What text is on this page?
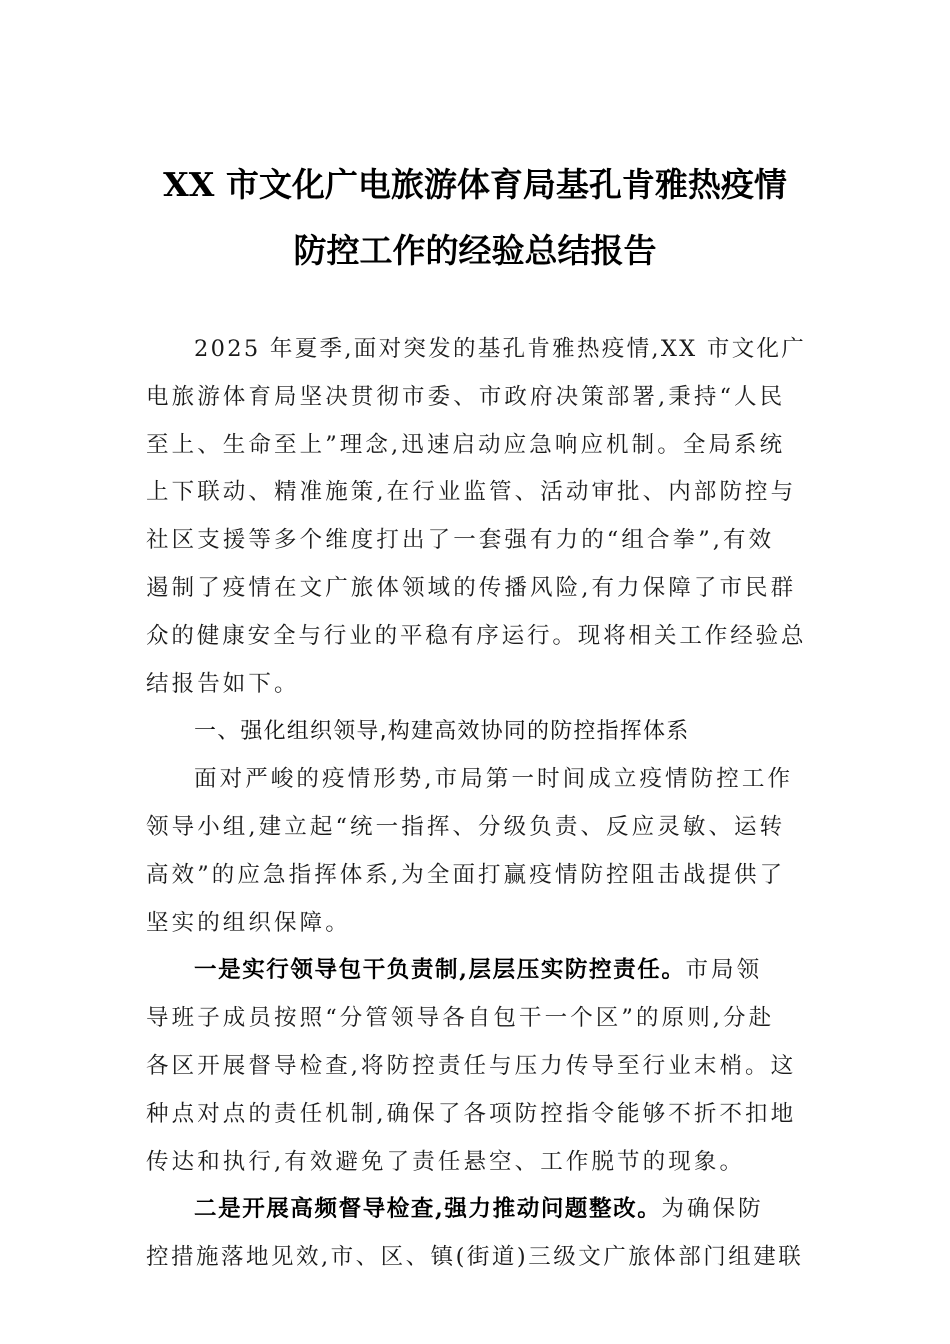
XX 市文化广电旅游体育局基孔肯雅热疫情
防控工作的经验总结报告
2025 年夏季,面对突发的基孔肯雅热疫情,XX 市文化广
电旅游体育局坚决贯彻市委、市政府决策部署,秉持“人民
至上、生命至上”理念,迅速启动应急响应机制。全局系统
上下联动、精准施策,在行业监管、活动审批、内部防控与
社区支援等多个维度打出了一套强有力的“组合拳”,有效
遏制了疫情在文广旅体领域的传播风险,有力保障了市民群
众的健康安全与行业的平稳有序运行。现将相关工作经验总
结报告如下。
一、强化组织领导,构建高效协同的防控指挥体系
面对严峻的疫情形势,市局第一时间成立疫情防控工作
领导小组,建立起“统一指挥、分级负责、反应灵敏、运转
高效”的应急指挥体系,为全面打赢疫情防控阻击战提供了
坚实的组织保障。
一是实行领导包干负责制,层层压实防控责任。市局领
导班子成员按照“分管领导各自包干一个区”的原则,分赴
各区开展督导检查,将防控责任与压力传导至行业末梢。这
种点对点的责任机制,确保了各项防控指令能够不折不扣地
传达和执行,有效避免了责任悬空、工作脱节的现象。
二是开展高频督导检查,强力推动问题整改。为确保防
控措施落地见效,市、区、镇(街道)三级文广旅体部门组建联
